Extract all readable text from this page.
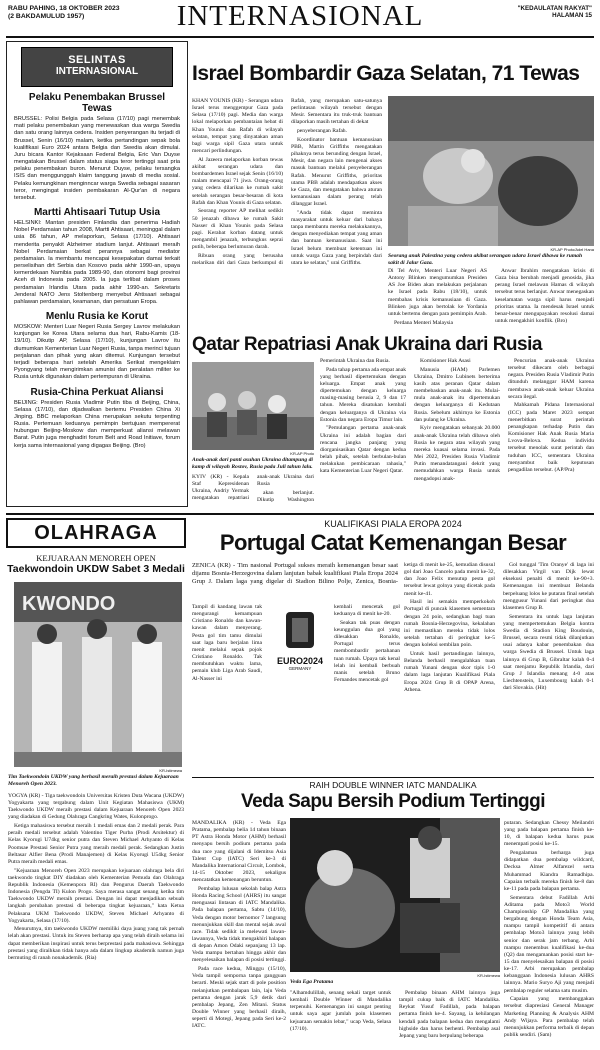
RABU PAHING, 18 OKTOBER 2023
(2 BAKDAMULUD 1957)	INTERNASIONAL	"KEDAULATAN RAKYAT"
HALAMAN 15
SELINTAS
INTERNASIONAL
Pelaku Penembakan Brussel Tewas

BRUSSEL: Polisi Belgia pada Selasa (17/10) pagi menembak mati pelaku penembakan yang menewaskan dua warga Swedia dan satu orang lainnya cedera. Insiden penyerangan itu terjadi di Brussel, Senin (16/10) malam, ketika pertandingan sepak bola kualifikasi Euro 2024 antara Belgia dan Swedia akan dimulai. Juru bicara Kantor Kejaksaan Federal Belgia, Eric Van Duyse mengatakan Brussel dalam status siaga teror tertinggi saat pria pelaku penembakan buron. Menurut Duyse, pelaku tersangka ISIS dan menggunggah klaim tanggung jawab di media sosial. Pelaku kemungkinan menginncar warga Swedia sebagai sasaran teror, mengingat insiden pembakaran Al-Qur'an di negara tersebut.

Martti Ahtisaari Tutup Usia

HELSINKI: Mantan presiden Finlandia dan penerima Hadiah Nobel Perdamaian tahun 2008, Martti Ahtisaari, meninggal dalam usia 86 tahun, AP melaporkan, Selasa (17/10). Ahtisaari menderita penyakit Alzheimer stadium lanjut. Ahtisaari meraih Nobel Perdamaian berkat perannya sebagai mediator perdamaian. Ia membantu mencapai kesepakatan damai terkait perselisihan dirt Serbia dan Kosovo pada akhir 1990-an, upaya kemerdekaan Namibia pada 1989-90, dan otonomi bagi provinsi Aceh di Indonesia pada 2005. Ia juga terlibat dalam proses perdamaian Irlandia Utara pada akhir 1990-an. Sekretaris Jenderal NATO Jens Stoltenberg menyebut Ahtisaari sebagai pahlawan perdamaian, keamanan, dan persatuan Eropa.

Menlu Rusia ke Korut

MOSKOW: Menteri Luar Negeri Rusia Sergey Lavrov melakukan kunjungan ke Korea Utara selama dua hari, Rabu-Kamis (18-19/10). Dikutip AP, Selasa (17/10), kunjungan Lavrov itu diumumkan Kementerian Luar Negeri Rusia, tanpa merinci tujuan perjalanan dan pihak yang akan ditemui. Kunjungan tersebut terjadi beberapa hari setelah Amerika Serikat mengeklaim Pyongyang telah mengirimkan amunisi dan peralatan militer ke Rusia untuk digunakan dalam pertempuran di Ukraina.

Rusia-China Perkuat Aliansi

BEIJING: Presiden Rusia Vladimir Putin tiba di Beijing, China, Selasa (17/10), dan dijadwalkan bertemu Presiden China Xi Jinping. BBC melaporkan China merupakan sekutu terpenting Rusia. Pertemuan keduanya pemimpin bertujuan mempererat hubungan Beijing-Moskow dan memperkuat aliansi melawan Barat. Putin juga menghadiri forum Belt and Road Initiave, forum kerja sama internasional yang digagas Beijing. (Bro)

Israel Bombardir Gaza Selatan, 71 Tewas

KHAN YOUNIS (KR) - Serangan udara Israel terus menggempur Gaza pada Selasa (17/10) pagi. Media dan warga lokal melaporkan pembantaian hebat di Khan Younis dan Rafah di wilayah selatan, tempat yang dinyatakan aman bagi warga sipil Gaza utara untuk mencari perlindungan.

Al Jazeera melaporkan korban tewas akibat serangan udara dan bombardemen Israel sejak Senin (16/10) malam mencapai 71 jiwa. Orang-orang yang cedera dilarikan ke rumah sakit setelah serangan besar-besaran di kota Rafah dan Khan Younis di Gaza selatan.

Seorang reporter AP melihat sedikit 50 jenazah dibawa ke rumah Sakit Nasser di Khan Younis pada Selasa pagi. Kerabat korban datang untuk mengambil jenazah, terbungkus seprai putih, beberapa berlumuran darah.

Ribuan orang yang berusaha melarikan diri dari Gaza berkumpul di Rafah, yang merupakan satu-satunya perlintasan wilayah tersebut dengan Mesir. Sementara itu truk-truk bantuan dilaporkan masih tertahan di dekat

penyeberangan Rafah.

Koordinator bantuan kemanusiaan PBB, Martin Griffiths mengatakan pihaknya terus berunding dengan Israel, Mesir, dan negara lain mengenai akses masuk bantuan melalui penyeberangan Rafah. Menurut Griffiths, prioritas utama PBB adalah mendapatkan akses ke Gaza, dan mengatakan bahwa aturan kemanusiaan dalam perang telah dilanggar Israel.

"Anda tidak dapat meminta masyarakat untuk keluar dari bahaya tanpa membantu mereka melakukannya, dengan menyediakan tempat yang aman dan bantuan kemanusiaan. Saat ini Israel belum membuat ketentuan ini untuk warga Gaza yang berpindah dari utara ke selatan," urai Griffiths.

KR-AP Photo/Adel Hana
Seorang anak Palestina yang cedera akibat serangan udara Israel dibawa ke rumah sakit di Jalur Gaza.

Di Tel Aviv, Menteri Luar Negeri AS Antony Blinken mengumumkan Presiden AS Joe Biden akan melakukan perjalanan ke Israel pada Rabu (18/10), untuk membahas krisis kemanusiaan di Gaza. Blinken juga akan bertolak ke Yordania untuk bertemu dengan para pemimpin Arab.

Perdana Menteri Malaysia

Anwar Ibrahim mengatakan krisis di Gaza bisa berubah menjadi genosida, jika perang Israel melawan Hamas di wilayah tersebut terus berlanjut. Anwar menegaskan keselamatan warga sipil harus menjadi prioritas utama. Ia mendesak Israel untuk benar-benar mengupayakan resolusi damai untuk mengakhiri konflik. (Bro)

Qatar Repatriasi Anak Ukraina dari Rusia
KR-AP Photo
Anak-anak dari panti asuhan Ukraina ditampung di kamp di wilayah Rostov, Rusia pada Juli tahun lalu.

KYIV (KR) - Kepala Staf Kepresidenan Ukraina, Andriy Yermak mengatakan repatriasi anak-anak Ukraina dari Rusia

akan berlanjut. Dikutip Washington

Pemerintah Ukraina dan Rusia.

Pada tahap pertama ada empat anak yang berhasil dipertemukan dengan keluarga. Empat anak yang dipertemukan dengan keluarga masing-masing berusia 2, 9 dan 17 tahun. Mereka disatukan kembali dengan keluarganya di Ukraina via Estonia dan negara Eropa Timur lain.

"Pemulangan pertama anak-anak Ukraina ini adalah bagian dari rencana jangka panjang yang diorganisasikan Qatar dengan kedua belah pihak, setelah berbulan-bulan melakukan pembicaraan rahasia," kata Kementerian Luar Negeri Qatar.

Komisioner Hak Asasi

Manusia (HAM) Parlemen Ukraina, Dmitro Lubinets berterima kasih atas peranan Qatar dalam membebaskan anak-anak itu. Mulai-mula anak-anak itu dipertemukan dengan keluarganya di Kedutaan Rusia. Sebelum akhirnya ke Estonia dan pulang ke Ukraina.

Kyiv mengatakan sebanyak 20.000 anak-anak Ukraina telah dibawa oleh Rusia ke negara atau wilayah yang mereka kuasai selama invasi. Pada Mei 2022, Presiden Rusia Vladimir Putin menandatangani dekrit yang memudahkan warga Rusia untuk mengadopsi anak-

Pencurian anak-anak Ukraina tersebut dikecam oleh berbagai negara. Presiden Rusia Vladimir Putin ditunduh melanggar HAM karena membawa anak-anak keluar Ukraina secara ilegal.

Mahkamah Pidana Internasional (ICC) pada Maret 2023 sempat menerbitkan surat perintah penangkapan terhadap Putin dan Komisioner Hak Anak Rusia Maria Lvova-Belova. Kedua individu tersebut menolak surat perintah dan tuduhan ICC, sementara Ukraina menyambut baik keputusan pengadilan tersebut. (AP/Pra)

OLAHRAGA
KEJUARAAN MENOREH OPEN
Taekwondoin UKDW Sabet 3 Medali
KWONDO
KR-Istimewa
Tim Taekwondoin UKDW yang berhasil meraih prestasi dalam Kejuaraan Menoreh Open 2023.

YOGYA (KR) - Tiga taekwondoin Universitas Kristen Duta Wacana (UKDW) Yogyakarta yang tergabung dalam Unit Kegiatan Mahasiswa (UKM) Taekwondo UKDW meraih prestasi dalam Kejuaraan Menoreh Open 2023 yang diadakan di Gedung Olahraga Cangkring Wates, Kulonprogo.

Ketiga mahasiswa tersebut meraih 1 medali emas dan 2 medali perak. Para peraih medali tersebut adalah Valentino Tiger Purba (Prodi Arsitektur) di Kelas Kyorugi U74kg senior putra dan Steven Michael Arhyanto di Kelas Poomsae Prestasi Senior Putra yang meraih medali perak. Sedangkan Justin Beltasar Alfier Bena (Prodi Manajemen) di Kelas Kyorugi U54kg Senior Putra meraih medali emas.

"Kejuaraan Menoreh Open 2023 merupakan kejuaraan olahraga bela diri taekwondo tingkat DIY diadakan oleh Kementerian Pemuda dan Olahraga Republik Indonesia (Kemenpora RI) dan Pengurus Daerah Taekwondo Indonesia (Pengda TI) Kulon Progo. Saya merasa sangat senang ketika tim Taekwondo UKDW meraih prestasi. Dengan ini dapat menjadikan sebuah langkah perubahan prestasi di beberapa tingkat kejuaraan," kata Ketua Pelaksana UKM Taekwondo UKDW, Steven Michael Arhyanto di Yogyakarta, Selasa (17/10).

Menurutnya, tim taekwondo UKDW memiliki daya juang yang tak pernah lelah akan prestasi. Untuk itu Steven berharap apa yang telah diraih selama ini dapat memberikan inspirasi untuk terus berprestasi pada mahasiswa. Sehingga prestasi yang diraihkan tidak hanya ada dalam lingkup akademik namun juga bermuting di ranah nonakademik. (Ria)

KUALIFIKASI PIALA EROPA 2024
Portugal Catat Kemenangan Besar

ZENICA (KR) - Tim nasional Portugal sukses meraih kemenangan besar saat dijamu Bosnia-Herzegovina dalam lanjutan babak kualifikasi Piala Eropa 2024 Grup J. Dalam laga yang digelar di Stadion Bilino Polje, Zenica, Bosnia-

Tampil di kandang lawan tak mengurangi kemampuan Cristiano Ronaldo dan kawan-kawan dalam menyerang. Pesta gol tim tamu dimulai saat laga baru berjalan lima menit melalui sepak pojok Cristiano Ronaldo. Tak membutuhkan waktu lama, pemain klub Liga Arab Saudi, Al-Nasser ini

EURO2024
GERMANY

kembali mencetak gol keduanya di menit ke-20.

Seakan tak puas dengan keunggulan dua gol yang dilesakkan Ronaldo, Portugal terus membombardir pertahanan tuan rumah. Upaya tak kenal lelah ini kembali berbuah manis setelah Bruno Fernandes mencetak gol

ketiga di menit ke-25, kemudian disusul gol dari Joao Cancelo pada menit ke-32, dan Joao Felix menutup pesta gol tersebut lewat golnya yang dicetak pada menit ke-41.

Hasil ini semakin memperkokoh Portugal di puncak klasemen sementara dengan 24 poin, sedangkan bagi tuan rumah Bosnia-Herzegovina, kekalahan ini memastikan mereka tidak lolos setelah tertahan di peringkat ke-5 dengan koleksi sembilan poin.

Untuk hasil pertandingan lainnya, Belanda berhasil mengalahkan tuan rumah Yunani dengan skor tipis 1-0 dalam laga lanjutan Kualifikasi Piala Eropa 2024 Grup B di OPAP Arena, Athena.

Gol tunggal 'Tim Oranye' di laga ini dilesakkan Virgil van Dijk lewat eksekusi penalti di menit ke-90+3. Kemenangan ini membuat Belanda berpeluang lolos ke putaran final setelah menggusur Yunani dari peringkat dua klasemen Grup B.

Sementara itu untuk laga lanjutan yang mempertemukan Belgia kontra Swedia di Stadion King Boudouin, Brussel, secara resmi tidak dilanjutkan usai adanya kabar penembakan dua warga Swedia di Brussel. Untuk laga lainnya di Grup B, Gibraltar kalah 0-4 saat menjamu Republik Irlandia, dari Grup J Islandia menang 4-0 atas Liechtenstein, Luxembourg kalah 0-1 dari Slovakia. (Hit)

RAIH DOUBLE WINNER IATC MANDALIKA
Veda Sapu Bersih Podium Tertinggi

MANDALIKA (KR) - Veda Ega Pratama, pembalap belia 14 tahun binaan PT Astra Honda Motor (AHM) berhasil menyapu bersih podium pertama pada dua race yang dijalani di Idemitsu Asia Talent Cup (IATC) Seri ke-3 di Mandalika International Circuit, Lombok, 14-15 Oktober 2023, sekaligus mencatatkan kemenangan beruntun.

Pembalap lulusan sekolah balap Astra Honda Racing School (AHRS) itu sangat menguasai lintasan di IATC Mandalika. Pada balapan pertama, Sabtu (14/10), Veda dengan motor bernomor 7 langsung menunjukkan skill dan mental sejak awal race. Tidak sedikit ia melewati lawan-lawannya, Veda tidak mengakhiri balapan di depan Amon Odaki sepanjang 13 lap. Veda mampu bertahan hingga akhir dan menyelesaikan balapan di posisi tertinggi.

Pada race kedua, Minggu (15/10), Veda tampil semporna tanpa gangguan berarti. Meski sejak start di pole position melanjutkan pembalapan lain, laju Veda pertama dengan jarak 5,9 detik dari pembalap Jepang, Zen Mitani. Status Double Winner yang berhasil diraih, seperti di Motegi, Jepang pada Seri ke-2 IATC.

KR-Istimewa
Veda Ega Pratama

"Alhamdulillah, senang sekali target untuk kembali Double Winner di Mandalika terpenuhi. Kemenangan ini sangat penting untuk saya agar jumlah poin klasemen kejuaraan semakin lebar," ucap Veda, Selasa (17/10).

Pembalap binaan AHM lainnya juga tampil cukup baik di IATC Mandalika. Reykat Yusuf Fadillah, pada balapan pertama finish ke-4. Sayang, ia kehilangan kendali pada balapan kedua dan mengalami highside dan harus berhenti. Pembalap asal Jepang yang baru berpulang beberapa

putaran. Sedangkan Chessy Meilandri yang pada balapan pertama finish ke-10, di balapan kedua harus puas menempati posisi ke-15.

Pengalaman berharga juga didapatkan dua pembalap wildcard, Decksa Almer Alfarezel serta Muhammad Kiandra Ramadhipa. Capaian terbaik mereka finish ke-8 dan ke-11 pada pada balapan pertama.

Sementara debut Fadillah Arbi Aditama pada Moto3 World Championship GP Mandalika yang bergabung dengan Honda Team Asia, mampu tampil kompetitif di antara pembalap Moto3 lainnya yang lebih senior dan serak jam terbang. Arbi mampu menembus kualifikasi ke-dua (Q2) dan mengamankan posisi start ke-15 dan menyelesaikan balapan di posisi ke-17. Arbi merupakan pembalap kebanggaan Indonesia lulusan AHRS lainnya. Mario Suryo Aji yang menjadi pembalap reguler selama satu musim.

Capaian yang membanggakan tersebut diapresiasi General Manager Marketing Planning & Analysis AHM Andy Wijaya. Para pembalap telah menunjukkan performa terbaik di depan publik sendiri. (Sam)
